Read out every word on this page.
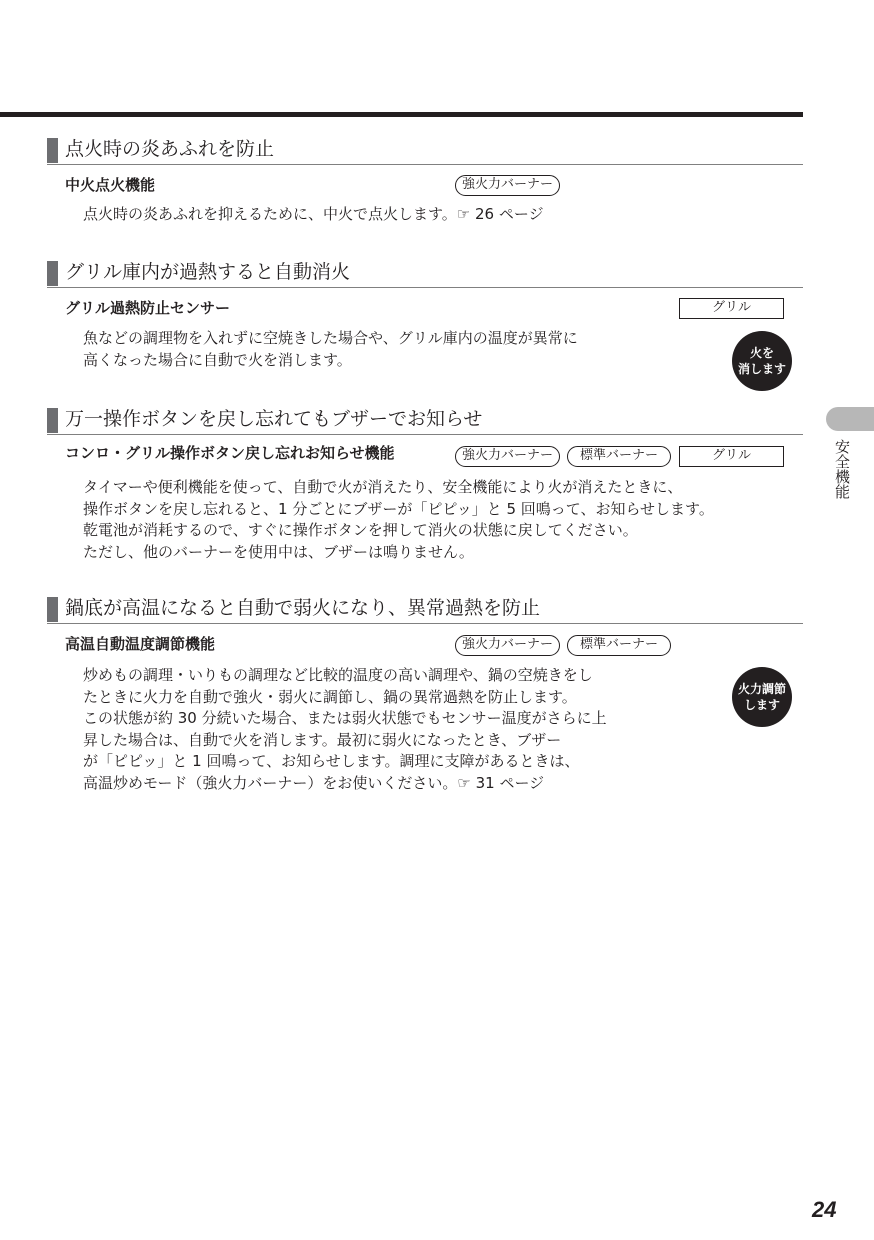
点火時の炎あふれを防止
中火点火機能	強火力バーナー

点火時の炎あふれを抑えるために、中火で点火します。☞ 26 ページ

グリル庫内が過熱すると自動消火
グリル過熱防止センサー	グリル

魚などの調理物を入れずに空焼きした場合や、グリル庫内の温度が異常に

高くなった場合に自動で火を消します。	火を
消します
万一操作ボタンを戻し忘れてもブザーでお知らせ
コンロ・グリル操作ボタン戻し忘れお知らせ機能	強火力バーナー	標準バーナー	グリル

タイマーや便利機能を使って、自動で火が消えたり、安全機能により火が消えたときに、

操作ボタンを戻し忘れると、1 分ごとにブザーが「ピピッ」と 5 回鳴って、お知らせします。

乾電池が消耗するので、すぐに操作ボタンを押して消火の状態に戻してください。

ただし、他のバーナーを使用中は、ブザーは鳴りません。

鍋底が高温になると自動で弱火になり、異常過熱を防止
高温自動温度調節機能	強火力バーナー	標準バーナー

炒めもの調理・いりもの調理など比較的温度の高い調理や、鍋の空焼きをし

たときに火力を自動で強火・弱火に調節し、鍋の異常過熱を防止します。

この状態が約 30 分続いた場合、または弱火状態でもセンサー温度がさらに上

昇した場合は、自動で火を消します。最初に弱火になったとき、ブザー

が「ピピッ」と 1 回鳴って、お知らせします。調理に支障があるときは、

高温炒めモード（強火力バーナー）をお使いください。☞ 31 ページ

火力調節
します
安全機能
24
